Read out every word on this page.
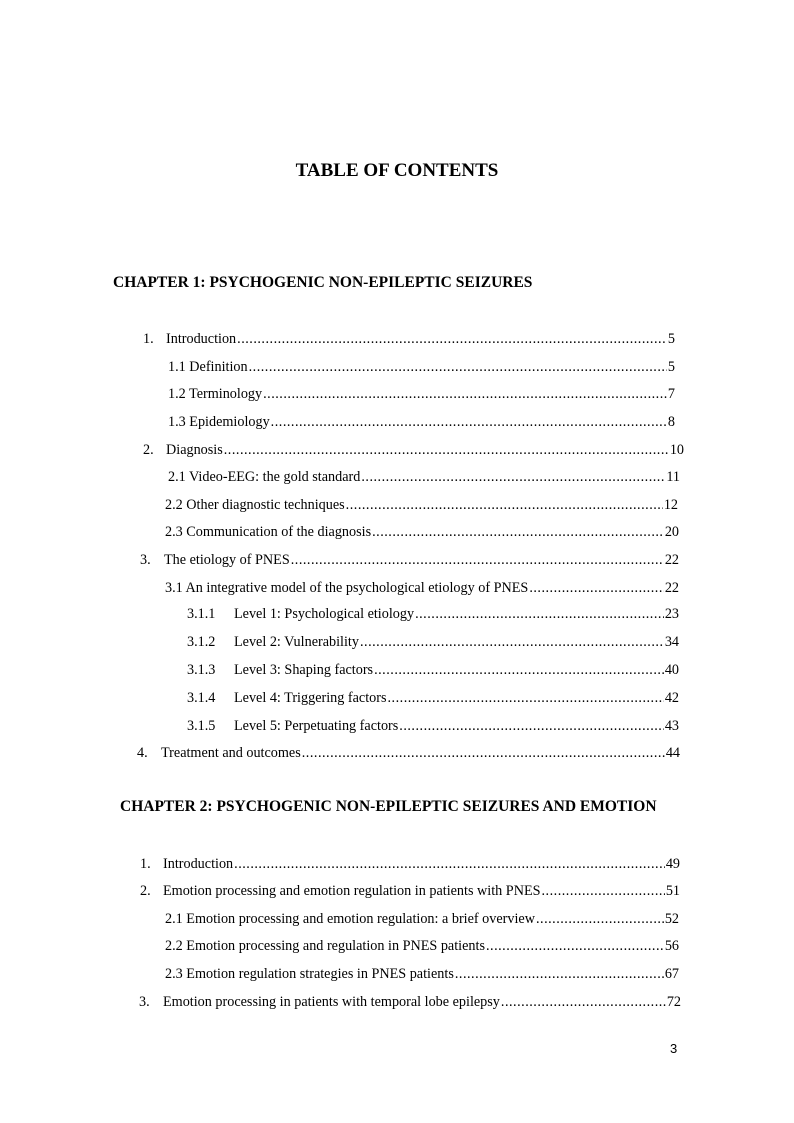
TABLE OF CONTENTS
CHAPTER 1: PSYCHOGENIC NON-EPILEPTIC SEIZURES
1. Introduction .....	5
1.1 Definition .....	5
1.2 Terminology .....	7
1.3 Epidemiology .....	8
2. Diagnosis .....	10
2.1 Video-EEG: the gold standard .....	11
2.2 Other diagnostic techniques .....	12
2.3 Communication of the diagnosis .....	20
3. The etiology of PNES .....	22
3.1 An integrative model of the psychological etiology of PNES .....	22
3.1.1	Level 1: Psychological etiology .....	23
3.1.2	Level 2: Vulnerability .....	34
3.1.3	Level 3: Shaping factors .....	40
3.1.4	Level 4: Triggering factors .....	42
3.1.5	Level 5: Perpetuating factors .....	43
4. Treatment and outcomes .....	44
CHAPTER 2: PSYCHOGENIC NON-EPILEPTIC SEIZURES AND EMOTION
1. Introduction .....	49
2. Emotion processing and emotion regulation in patients with PNES .....	51
2.1 Emotion processing and emotion regulation: a brief overview .....	52
2.2 Emotion processing and regulation in PNES patients .....	56
2.3 Emotion regulation strategies in PNES patients .....	67
3. Emotion processing in patients with temporal lobe epilepsy .....	72
3
